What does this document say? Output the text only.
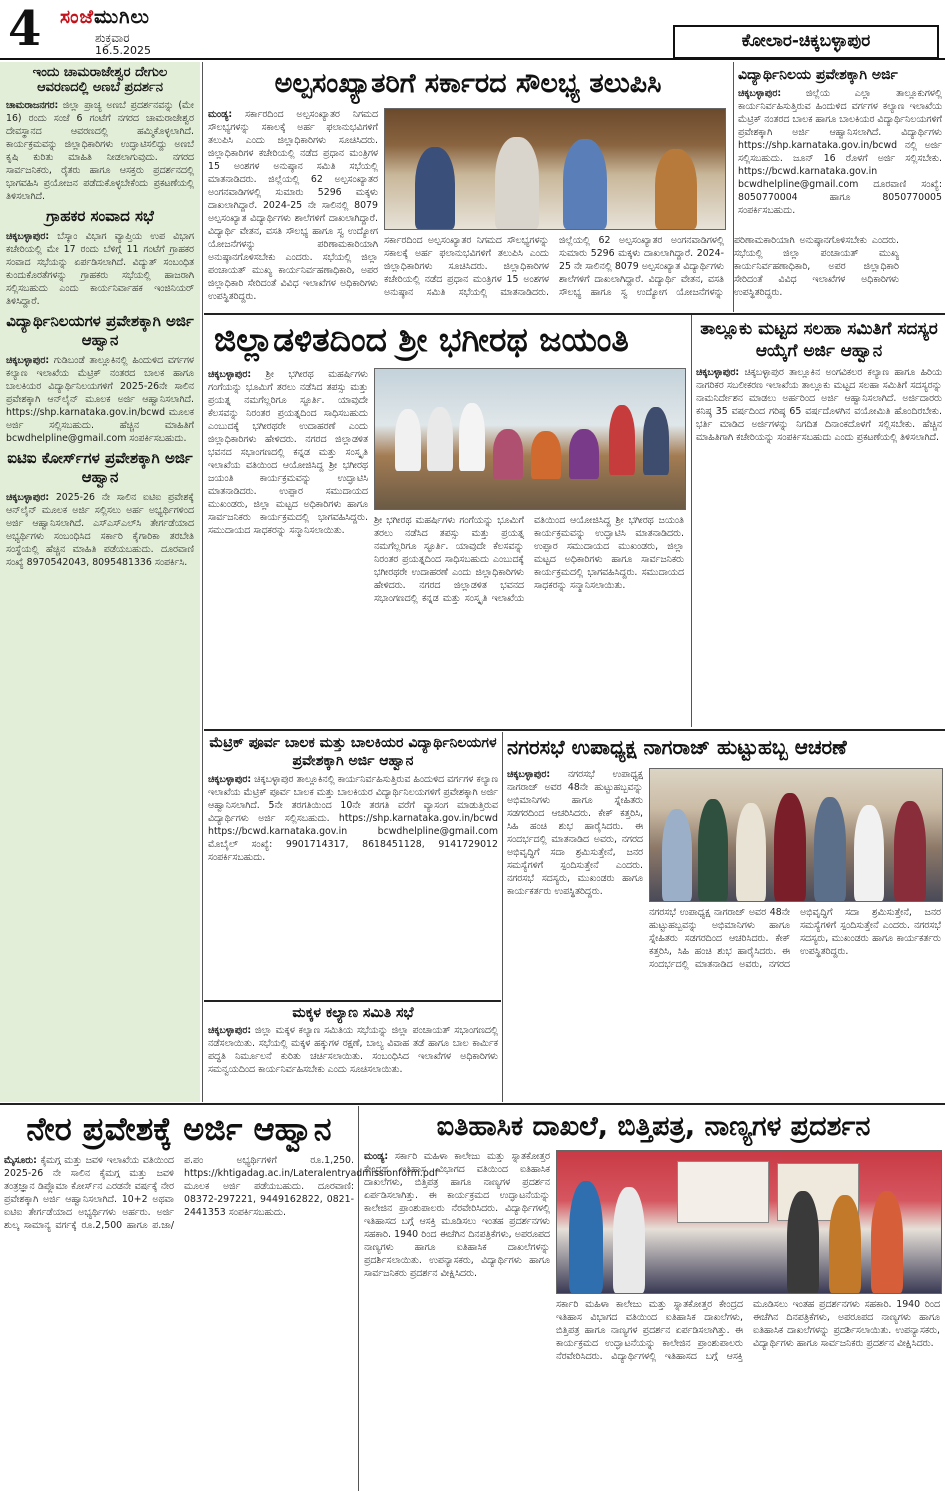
4 ಸಂಜೆಮುಗಿಲು
ಶುಕ್ರವಾರ
16.5.2025	ಕೋಲಾರ-ಚಿಕ್ಕಬಳ್ಳಾಪುರ
ಇಂದು ಚಾಮರಾಜೇಶ್ವರ ದೇಗುಲ ಆವರಣದಲ್ಲಿ ಅಣಬೆ ಪ್ರದರ್ಶನ
ಚಾಮರಾಜನಗರ: ಜಿಲ್ಲಾ ಪ್ರಾಚ್ಯ ಅಣಬೆ ಪ್ರದರ್ಶನವನ್ನು (ಮೇ 16) ರಂದು ಸಂಜೆ 6 ಗಂಟೆಗೆ ನಗರದ ಚಾಮರಾಜೇಶ್ವರ ದೇವಸ್ಥಾನದ ಆವರಣದಲ್ಲಿ ಹಮ್ಮಿಕೊಳ್ಳಲಾಗಿದೆ. ಕಾರ್ಯಕ್ರಮವನ್ನು ಜಿಲ್ಲಾಧಿಕಾರಿಗಳು ಉದ್ಘಾಟಿಸಲಿದ್ದು ಅಣಬೆ ಕೃಷಿ ಕುರಿತು ಮಾಹಿತಿ ನೀಡಲಾಗುವುದು. ನಗರದ ಸಾರ್ವಜನಿಕರು, ರೈತರು ಹಾಗೂ ಆಸಕ್ತರು ಪ್ರದರ್ಶನದಲ್ಲಿ ಭಾಗವಹಿಸಿ ಪ್ರಯೋಜನ ಪಡೆದುಕೊಳ್ಳಬೇಕೆಂದು ಪ್ರಕಟಣೆಯಲ್ಲಿ ತಿಳಿಸಲಾಗಿದೆ.
ಗ್ರಾಹಕರ ಸಂವಾದ ಸಭೆ
ಚಿಕ್ಕಬಳ್ಳಾಪುರ: ಬೆಸ್ಕಾಂ ವಿಭಾಗ ವ್ಯಾಪ್ತಿಯ ಉಪ ವಿಭಾಗ ಕಚೇರಿಯಲ್ಲಿ ಮೇ 17 ರಂದು ಬೆಳಿಗ್ಗೆ 11 ಗಂಟೆಗೆ ಗ್ರಾಹಕರ ಸಂವಾದ ಸಭೆಯನ್ನು ಏರ್ಪಡಿಸಲಾಗಿದೆ. ವಿದ್ಯುತ್ ಸಂಬಂಧಿತ ಕುಂದುಕೊರತೆಗಳನ್ನು ಗ್ರಾಹಕರು ಸಭೆಯಲ್ಲಿ ಹಾಜರಾಗಿ ಸಲ್ಲಿಸಬಹುದು ಎಂದು ಕಾರ್ಯನಿರ್ವಾಹಕ ಇಂಜಿನಿಯರ್ ತಿಳಿಸಿದ್ದಾರೆ.
ವಿದ್ಯಾರ್ಥಿನಿಲಯಗಳ ಪ್ರವೇಶಕ್ಕಾಗಿ ಅರ್ಜಿ ಆಹ್ವಾನ
ಚಿಕ್ಕಬಳ್ಳಾಪುರ: ಗುಡಿಬಂಡೆ ತಾಲ್ಲೂಕಿನಲ್ಲಿ ಹಿಂದುಳಿದ ವರ್ಗಗಳ ಕಲ್ಯಾಣ ಇಲಾಖೆಯ ಮೆಟ್ರಿಕ್ ನಂತರದ ಬಾಲಕ ಹಾಗೂ ಬಾಲಕಿಯರ ವಿದ್ಯಾರ್ಥಿನಿಲಯಗಳಿಗೆ 2025-26ನೇ ಸಾಲಿನ ಪ್ರವೇಶಕ್ಕಾಗಿ ಆನ್‌ಲೈನ್ ಮೂಲಕ ಅರ್ಜಿ ಆಹ್ವಾನಿಸಲಾಗಿದೆ. https://shp.karnataka.gov.in/bcwd ಮೂಲಕ ಅರ್ಜಿ ಸಲ್ಲಿಸಬಹುದು. ಹೆಚ್ಚಿನ ಮಾಹಿತಿಗೆ bcwdhelpline@gmail.com ಸಂಪರ್ಕಿಸಬಹುದು.
ಐಟಿಐ ಕೋರ್ಸ್‌ಗಳ ಪ್ರವೇಶಕ್ಕಾಗಿ ಅರ್ಜಿ ಆಹ್ವಾನ
ಚಿಕ್ಕಬಳ್ಳಾಪುರ: 2025-26 ನೇ ಸಾಲಿನ ಐಟಿಐ ಪ್ರವೇಶಕ್ಕೆ ಆನ್‌ಲೈನ್ ಮೂಲಕ ಅರ್ಜಿ ಸಲ್ಲಿಸಲು ಅರ್ಹ ಅಭ್ಯರ್ಥಿಗಳಿಂದ ಅರ್ಜಿ ಆಹ್ವಾನಿಸಲಾಗಿದೆ. ಎಸ್‌ಎಸ್‌ಎಲ್‌ಸಿ ತೇರ್ಗಡೆಯಾದ ಅಭ್ಯರ್ಥಿಗಳು ಸಂಬಂಧಿಸಿದ ಸರ್ಕಾರಿ ಕೈಗಾರಿಕಾ ತರಬೇತಿ ಸಂಸ್ಥೆಯಲ್ಲಿ ಹೆಚ್ಚಿನ ಮಾಹಿತಿ ಪಡೆಯಬಹುದು. ದೂರವಾಣಿ ಸಂಖ್ಯೆ 8970542043, 8095481336 ಸಂಪರ್ಕಿಸಿ.
ಅಲ್ಪಸಂಖ್ಯಾತರಿಗೆ ಸರ್ಕಾರದ ಸೌಲಭ್ಯ ತಲುಪಿಸಿ
ಮಂಡ್ಯ: ಸರ್ಕಾರದಿಂದ ಅಲ್ಪಸಂಖ್ಯಾತರ ನಿಗಮದ ಸೌಲಭ್ಯಗಳನ್ನು ಸಕಾಲಕ್ಕೆ ಅರ್ಹ ಫಲಾನುಭವಿಗಳಿಗೆ ತಲುಪಿಸಿ ಎಂದು ಜಿಲ್ಲಾಧಿಕಾರಿಗಳು ಸೂಚಿಸಿದರು. ಜಿಲ್ಲಾಧಿಕಾರಿಗಳ ಕಚೇರಿಯಲ್ಲಿ ನಡೆದ ಪ್ರಧಾನ ಮಂತ್ರಿಗಳ 15 ಅಂಶಗಳ ಅನುಷ್ಠಾನ ಸಮಿತಿ ಸಭೆಯಲ್ಲಿ ಮಾತನಾಡಿದರು. ಜಿಲ್ಲೆಯಲ್ಲಿ 62 ಅಲ್ಪಸಂಖ್ಯಾತರ ಅಂಗನವಾಡಿಗಳಲ್ಲಿ ಸುಮಾರು 5296 ಮಕ್ಕಳು ದಾಖಲಾಗಿದ್ದಾರೆ. 2024-25 ನೇ ಸಾಲಿನಲ್ಲಿ 8079 ಅಲ್ಪಸಂಖ್ಯಾತ ವಿದ್ಯಾರ್ಥಿಗಳು ಶಾಲೆಗಳಿಗೆ ದಾಖಲಾಗಿದ್ದಾರೆ. ವಿದ್ಯಾರ್ಥಿ ವೇತನ, ವಸತಿ ಸೌಲಭ್ಯ ಹಾಗೂ ಸ್ವ ಉದ್ಯೋಗ ಯೋಜನೆಗಳನ್ನು ಪರಿಣಾಮಕಾರಿಯಾಗಿ ಅನುಷ್ಠಾನಗೊಳಿಸಬೇಕು ಎಂದರು. ಸಭೆಯಲ್ಲಿ ಜಿಲ್ಲಾ ಪಂಚಾಯತ್ ಮುಖ್ಯ ಕಾರ್ಯನಿರ್ವಹಣಾಧಿಕಾರಿ, ಅಪರ ಜಿಲ್ಲಾಧಿಕಾರಿ ಸೇರಿದಂತೆ ವಿವಿಧ ಇಲಾಖೆಗಳ ಅಧಿಕಾರಿಗಳು ಉಪಸ್ಥಿತರಿದ್ದರು.
ಸರ್ಕಾರದಿಂದ ಅಲ್ಪಸಂಖ್ಯಾತರ ನಿಗಮದ ಸೌಲಭ್ಯಗಳನ್ನು ಸಕಾಲಕ್ಕೆ ಅರ್ಹ ಫಲಾನುಭವಿಗಳಿಗೆ ತಲುಪಿಸಿ ಎಂದು ಜಿಲ್ಲಾಧಿಕಾರಿಗಳು ಸೂಚಿಸಿದರು. ಜಿಲ್ಲಾಧಿಕಾರಿಗಳ ಕಚೇರಿಯಲ್ಲಿ ನಡೆದ ಪ್ರಧಾನ ಮಂತ್ರಿಗಳ 15 ಅಂಶಗಳ ಅನುಷ್ಠಾನ ಸಮಿತಿ ಸಭೆಯಲ್ಲಿ ಮಾತನಾಡಿದರು. ಜಿಲ್ಲೆಯಲ್ಲಿ 62 ಅಲ್ಪಸಂಖ್ಯಾತರ ಅಂಗನವಾಡಿಗಳಲ್ಲಿ ಸುಮಾರು 5296 ಮಕ್ಕಳು ದಾಖಲಾಗಿದ್ದಾರೆ. 2024-25 ನೇ ಸಾಲಿನಲ್ಲಿ 8079 ಅಲ್ಪಸಂಖ್ಯಾತ ವಿದ್ಯಾರ್ಥಿಗಳು ಶಾಲೆಗಳಿಗೆ ದಾಖಲಾಗಿದ್ದಾರೆ. ವಿದ್ಯಾರ್ಥಿ ವೇತನ, ವಸತಿ ಸೌಲಭ್ಯ ಹಾಗೂ ಸ್ವ ಉದ್ಯೋಗ ಯೋಜನೆಗಳನ್ನು ಪರಿಣಾಮಕಾರಿಯಾಗಿ ಅನುಷ್ಠಾನಗೊಳಿಸಬೇಕು ಎಂದರು. ಸಭೆಯಲ್ಲಿ ಜಿಲ್ಲಾ ಪಂಚಾಯತ್ ಮುಖ್ಯ ಕಾರ್ಯನಿರ್ವಹಣಾಧಿಕಾರಿ, ಅಪರ ಜಿಲ್ಲಾಧಿಕಾರಿ ಸೇರಿದಂತೆ ವಿವಿಧ ಇಲಾಖೆಗಳ ಅಧಿಕಾರಿಗಳು ಉಪಸ್ಥಿತರಿದ್ದರು.
ವಿದ್ಯಾರ್ಥಿನಿಲಯ ಪ್ರವೇಶಕ್ಕಾಗಿ ಅರ್ಜಿ
ಚಿಕ್ಕಬಳ್ಳಾಪುರ:	ಜಿಲ್ಲೆಯ ಎಲ್ಲಾ ತಾಲ್ಲೂಕುಗಳಲ್ಲಿ ಕಾರ್ಯನಿರ್ವಹಿಸುತ್ತಿರುವ ಹಿಂದುಳಿದ ವರ್ಗಗಳ ಕಲ್ಯಾಣ ಇಲಾಖೆಯ ಮೆಟ್ರಿಕ್ ನಂತರದ ಬಾಲಕ ಹಾಗೂ ಬಾಲಕಿಯರ ವಿದ್ಯಾರ್ಥಿನಿಲಯಗಳಿಗೆ ಪ್ರವೇಶಕ್ಕಾಗಿ ಅರ್ಜಿ ಆಹ್ವಾನಿಸಲಾಗಿದೆ. ವಿದ್ಯಾರ್ಥಿಗಳು https://shp.karnataka.gov.in/bcwd ನಲ್ಲಿ ಅರ್ಜಿ ಸಲ್ಲಿಸಬಹುದು. ಜೂನ್ 16 ರೊಳಗೆ ಅರ್ಜಿ ಸಲ್ಲಿಸಬೇಕು. https://bcwd.karnataka.gov.in bcwdhelpline@gmail.com ದೂರವಾಣಿ ಸಂಖ್ಯೆ: 8050770004 ಹಾಗೂ 8050770005 ಸಂಪರ್ಕಿಸಬಹುದು.
ಜಿಲ್ಲಾಡಳಿತದಿಂದ ಶ್ರೀ ಭಗೀರಥ ಜಯಂತಿ
ಚಿಕ್ಕಬಳ್ಳಾಪುರ: ಶ್ರೀ ಭಗೀರಥ ಮಹರ್ಷಿಗಳು ಗಂಗೆಯನ್ನು ಭೂಮಿಗೆ ತರಲು ನಡೆಸಿದ ತಪಸ್ಸು ಮತ್ತು ಪ್ರಯತ್ನ ನಮಗೆಲ್ಲರಿಗೂ ಸ್ಫೂರ್ತಿ. ಯಾವುದೇ ಕೆಲಸವನ್ನು ನಿರಂತರ ಪ್ರಯತ್ನದಿಂದ ಸಾಧಿಸಬಹುದು ಎಂಬುದಕ್ಕೆ ಭಗೀರಥರೇ ಉದಾಹರಣೆ ಎಂದು ಜಿಲ್ಲಾಧಿಕಾರಿಗಳು ಹೇಳಿದರು. ನಗರದ ಜಿಲ್ಲಾಡಳಿತ ಭವನದ ಸಭಾಂಗಣದಲ್ಲಿ ಕನ್ನಡ ಮತ್ತು ಸಂಸ್ಕೃತಿ ಇಲಾಖೆಯ ವತಿಯಿಂದ ಆಯೋಜಿಸಿದ್ದ ಶ್ರೀ ಭಗೀರಥ ಜಯಂತಿ ಕಾರ್ಯಕ್ರಮವನ್ನು ಉದ್ಘಾಟಿಸಿ ಮಾತನಾಡಿದರು. ಉಪ್ಪಾರ ಸಮುದಾಯದ ಮುಖಂಡರು, ಜಿಲ್ಲಾ ಮಟ್ಟದ ಅಧಿಕಾರಿಗಳು ಹಾಗೂ ಸಾರ್ವಜನಿಕರು ಕಾರ್ಯಕ್ರಮದಲ್ಲಿ ಭಾಗವಹಿಸಿದ್ದರು. ಸಮುದಾಯದ ಸಾಧಕರನ್ನು ಸನ್ಮಾನಿಸಲಾಯಿತು.
ಶ್ರೀ ಭಗೀರಥ ಮಹರ್ಷಿಗಳು ಗಂಗೆಯನ್ನು ಭೂಮಿಗೆ ತರಲು ನಡೆಸಿದ ತಪಸ್ಸು ಮತ್ತು ಪ್ರಯತ್ನ ನಮಗೆಲ್ಲರಿಗೂ ಸ್ಫೂರ್ತಿ. ಯಾವುದೇ ಕೆಲಸವನ್ನು ನಿರಂತರ ಪ್ರಯತ್ನದಿಂದ ಸಾಧಿಸಬಹುದು ಎಂಬುದಕ್ಕೆ ಭಗೀರಥರೇ ಉದಾಹರಣೆ ಎಂದು ಜಿಲ್ಲಾಧಿಕಾರಿಗಳು ಹೇಳಿದರು. ನಗರದ ಜಿಲ್ಲಾಡಳಿತ ಭವನದ ಸಭಾಂಗಣದಲ್ಲಿ ಕನ್ನಡ ಮತ್ತು ಸಂಸ್ಕೃತಿ ಇಲಾಖೆಯ ವತಿಯಿಂದ ಆಯೋಜಿಸಿದ್ದ ಶ್ರೀ ಭಗೀರಥ ಜಯಂತಿ ಕಾರ್ಯಕ್ರಮವನ್ನು ಉದ್ಘಾಟಿಸಿ ಮಾತನಾಡಿದರು. ಉಪ್ಪಾರ ಸಮುದಾಯದ ಮುಖಂಡರು, ಜಿಲ್ಲಾ ಮಟ್ಟದ ಅಧಿಕಾರಿಗಳು ಹಾಗೂ ಸಾರ್ವಜನಿಕರು ಕಾರ್ಯಕ್ರಮದಲ್ಲಿ ಭಾಗವಹಿಸಿದ್ದರು. ಸಮುದಾಯದ ಸಾಧಕರನ್ನು ಸನ್ಮಾನಿಸಲಾಯಿತು.
ತಾಲ್ಲೂಕು ಮಟ್ಟದ ಸಲಹಾ ಸಮಿತಿಗೆ ಸದಸ್ಯರ ಆಯ್ಕೆಗೆ ಅರ್ಜಿ ಆಹ್ವಾನ
ಚಿಕ್ಕಬಳ್ಳಾಪುರ: ಚಿಕ್ಕಬಳ್ಳಾಪುರ ತಾಲ್ಲೂಕಿನ ಅಂಗವಿಕಲರ ಕಲ್ಯಾಣ ಹಾಗೂ ಹಿರಿಯ ನಾಗರಿಕರ ಸಬಲೀಕರಣ ಇಲಾಖೆಯ ತಾಲ್ಲೂಕು ಮಟ್ಟದ ಸಲಹಾ ಸಮಿತಿಗೆ ಸದಸ್ಯರನ್ನು ನಾಮನಿರ್ದೇಶನ ಮಾಡಲು ಅರ್ಹರಿಂದ ಅರ್ಜಿ ಆಹ್ವಾನಿಸಲಾಗಿದೆ. ಅರ್ಜಿದಾರರು ಕನಿಷ್ಠ 35 ವರ್ಷದಿಂದ ಗರಿಷ್ಠ 65 ವರ್ಷದೊಳಗಿನ ವಯೋಮಿತಿ ಹೊಂದಿರಬೇಕು. ಭರ್ತಿ ಮಾಡಿದ ಅರ್ಜಿಗಳನ್ನು ನಿಗದಿತ ದಿನಾಂಕದೊಳಗೆ ಸಲ್ಲಿಸಬೇಕು. ಹೆಚ್ಚಿನ ಮಾಹಿತಿಗಾಗಿ ಕಚೇರಿಯನ್ನು ಸಂಪರ್ಕಿಸಬಹುದು ಎಂದು ಪ್ರಕಟಣೆಯಲ್ಲಿ ತಿಳಿಸಲಾಗಿದೆ.
ಮೆಟ್ರಿಕ್ ಪೂರ್ವ ಬಾಲಕ ಮತ್ತು ಬಾಲಕಿಯರ ವಿದ್ಯಾರ್ಥಿನಿಲಯಗಳ ಪ್ರವೇಶಕ್ಕಾಗಿ ಅರ್ಜಿ ಆಹ್ವಾನ
ಚಿಕ್ಕಬಳ್ಳಾಪುರ: ಚಿಕ್ಕಬಳ್ಳಾಪುರ ತಾಲ್ಲೂಕಿನಲ್ಲಿ ಕಾರ್ಯನಿರ್ವಹಿಸುತ್ತಿರುವ ಹಿಂದುಳಿದ ವರ್ಗಗಳ ಕಲ್ಯಾಣ ಇಲಾಖೆಯ ಮೆಟ್ರಿಕ್ ಪೂರ್ವ ಬಾಲಕ ಮತ್ತು ಬಾಲಕಿಯರ ವಿದ್ಯಾರ್ಥಿನಿಲಯಗಳಿಗೆ ಪ್ರವೇಶಕ್ಕಾಗಿ ಅರ್ಜಿ ಆಹ್ವಾನಿಸಲಾಗಿದೆ. 5ನೇ ತರಗತಿಯಿಂದ 10ನೇ ತರಗತಿ ವರೆಗೆ ವ್ಯಾಸಂಗ ಮಾಡುತ್ತಿರುವ ವಿದ್ಯಾರ್ಥಿಗಳು ಅರ್ಜಿ ಸಲ್ಲಿಸಬಹುದು. https://shp.karnataka.gov.in/bcwd https://bcwd.karnataka.gov.in bcwdhelpline@gmail.com ಮೊಬೈಲ್ ಸಂಖ್ಯೆ: 9901714317, 8618451128, 9141729012 ಸಂಪರ್ಕಿಸಬಹುದು.
ಮಕ್ಕಳ ಕಲ್ಯಾಣ ಸಮಿತಿ ಸಭೆ
ಚಿಕ್ಕಬಳ್ಳಾಪುರ: ಜಿಲ್ಲಾ ಮಕ್ಕಳ ಕಲ್ಯಾಣ ಸಮಿತಿಯ ಸಭೆಯನ್ನು ಜಿಲ್ಲಾ ಪಂಚಾಯತ್ ಸಭಾಂಗಣದಲ್ಲಿ ನಡೆಸಲಾಯಿತು. ಸಭೆಯಲ್ಲಿ ಮಕ್ಕಳ ಹಕ್ಕುಗಳ ರಕ್ಷಣೆ, ಬಾಲ್ಯ ವಿವಾಹ ತಡೆ ಹಾಗೂ ಬಾಲ ಕಾರ್ಮಿಕ ಪದ್ಧತಿ ನಿರ್ಮೂಲನೆ ಕುರಿತು ಚರ್ಚಿಸಲಾಯಿತು. ಸಂಬಂಧಿಸಿದ ಇಲಾಖೆಗಳ ಅಧಿಕಾರಿಗಳು ಸಮನ್ವಯದಿಂದ ಕಾರ್ಯನಿರ್ವಹಿಸಬೇಕು ಎಂದು ಸೂಚಿಸಲಾಯಿತು.
ನಗರಸಭೆ ಉಪಾಧ್ಯಕ್ಷ ನಾಗರಾಜ್ ಹುಟ್ಟುಹಬ್ಬ ಆಚರಣೆ
ಚಿಕ್ಕಬಳ್ಳಾಪುರ: ನಗರಸಭೆ ಉಪಾಧ್ಯಕ್ಷ ನಾಗರಾಜ್ ಅವರ 48ನೇ ಹುಟ್ಟುಹಬ್ಬವನ್ನು ಅಭಿಮಾನಿಗಳು ಹಾಗೂ ಸ್ನೇಹಿತರು ಸಡಗರದಿಂದ ಆಚರಿಸಿದರು. ಕೇಕ್ ಕತ್ತರಿಸಿ, ಸಿಹಿ ಹಂಚಿ ಶುಭ ಹಾರೈಸಿದರು. ಈ ಸಂದರ್ಭದಲ್ಲಿ ಮಾತನಾಡಿದ ಅವರು, ನಗರದ ಅಭಿವೃದ್ಧಿಗೆ ಸದಾ ಶ್ರಮಿಸುತ್ತೇನೆ, ಜನರ ಸಮಸ್ಯೆಗಳಿಗೆ ಸ್ಪಂದಿಸುತ್ತೇನೆ ಎಂದರು. ನಗರಸಭೆ ಸದಸ್ಯರು, ಮುಖಂಡರು ಹಾಗೂ ಕಾರ್ಯಕರ್ತರು ಉಪಸ್ಥಿತರಿದ್ದರು.
ನಗರಸಭೆ ಉಪಾಧ್ಯಕ್ಷ ನಾಗರಾಜ್ ಅವರ 48ನೇ ಹುಟ್ಟುಹಬ್ಬವನ್ನು ಅಭಿಮಾನಿಗಳು ಹಾಗೂ ಸ್ನೇಹಿತರು ಸಡಗರದಿಂದ ಆಚರಿಸಿದರು. ಕೇಕ್ ಕತ್ತರಿಸಿ, ಸಿಹಿ ಹಂಚಿ ಶುಭ ಹಾರೈಸಿದರು. ಈ ಸಂದರ್ಭದಲ್ಲಿ ಮಾತನಾಡಿದ ಅವರು, ನಗರದ ಅಭಿವೃದ್ಧಿಗೆ ಸದಾ ಶ್ರಮಿಸುತ್ತೇನೆ, ಜನರ ಸಮಸ್ಯೆಗಳಿಗೆ ಸ್ಪಂದಿಸುತ್ತೇನೆ ಎಂದರು. ನಗರಸಭೆ ಸದಸ್ಯರು, ಮುಖಂಡರು ಹಾಗೂ ಕಾರ್ಯಕರ್ತರು ಉಪಸ್ಥಿತರಿದ್ದರು.
ನೇರ ಪ್ರವೇಶಕ್ಕೆ ಅರ್ಜಿ ಆಹ್ವಾನ
ಮೈಸೂರು: ಕೈಮಗ್ಗ ಮತ್ತು ಜವಳಿ ಇಲಾಖೆಯ ವತಿಯಿಂದ 2025-26 ನೇ ಸಾಲಿನ ಕೈಮಗ್ಗ ಮತ್ತು ಜವಳಿ ತಂತ್ರಜ್ಞಾನ ಡಿಪ್ಲೊಮಾ ಕೋರ್ಸ್‌ನ ಎರಡನೇ ವರ್ಷಕ್ಕೆ ನೇರ ಪ್ರವೇಶಕ್ಕಾಗಿ ಅರ್ಜಿ ಆಹ್ವಾನಿಸಲಾಗಿದೆ. 10+2 ಅಥವಾ ಐಟಿಐ ತೇರ್ಗಡೆಯಾದ ಅಭ್ಯರ್ಥಿಗಳು ಅರ್ಹರು. ಅರ್ಜಿ ಶುಲ್ಕ ಸಾಮಾನ್ಯ ವರ್ಗಕ್ಕೆ ರೂ.2,500 ಹಾಗೂ ಪ.ಜಾ/ಪ.ಪಂ ಅಭ್ಯರ್ಥಿಗಳಿಗೆ ರೂ.1,250. https://khtigadag.ac.in/Lateralentryadmissionform.pdf ಮೂಲಕ ಅರ್ಜಿ ಪಡೆಯಬಹುದು. ದೂರವಾಣಿ: 08372-297221, 9449162822, 0821-2441353 ಸಂಪರ್ಕಿಸಬಹುದು.
ಐತಿಹಾಸಿಕ ದಾಖಲೆ, ಬಿತ್ತಿಪತ್ರ, ನಾಣ್ಯಗಳ ಪ್ರದರ್ಶನ
ಮಂಡ್ಯ: ಸರ್ಕಾರಿ ಮಹಿಳಾ ಕಾಲೇಜು ಮತ್ತು ಸ್ನಾತಕೋತ್ತರ ಕೇಂದ್ರದ ಇತಿಹಾಸ ವಿಭಾಗದ ವತಿಯಿಂದ ಐತಿಹಾಸಿಕ ದಾಖಲೆಗಳು, ಬಿತ್ತಿಪತ್ರ ಹಾಗೂ ನಾಣ್ಯಗಳ ಪ್ರದರ್ಶನ ಏರ್ಪಡಿಸಲಾಗಿತ್ತು. ಈ ಕಾರ್ಯಕ್ರಮದ ಉದ್ಘಾಟನೆಯನ್ನು ಕಾಲೇಜಿನ ಪ್ರಾಂಶುಪಾಲರು ನೆರವೇರಿಸಿದರು. ವಿದ್ಯಾರ್ಥಿಗಳಲ್ಲಿ ಇತಿಹಾಸದ ಬಗ್ಗೆ ಆಸಕ್ತಿ ಮೂಡಿಸಲು ಇಂತಹ ಪ್ರದರ್ಶನಗಳು ಸಹಕಾರಿ. 1940 ರಿಂದ ಈಚೆಗಿನ ದಿನಪತ್ರಿಕೆಗಳು, ಅಪರೂಪದ ನಾಣ್ಯಗಳು ಹಾಗೂ ಐತಿಹಾಸಿಕ ದಾಖಲೆಗಳನ್ನು ಪ್ರದರ್ಶಿಸಲಾಯಿತು. ಉಪನ್ಯಾಸಕರು, ವಿದ್ಯಾರ್ಥಿಗಳು ಹಾಗೂ ಸಾರ್ವಜನಿಕರು ಪ್ರದರ್ಶನ ವೀಕ್ಷಿಸಿದರು.
ಸರ್ಕಾರಿ ಮಹಿಳಾ ಕಾಲೇಜು ಮತ್ತು ಸ್ನಾತಕೋತ್ತರ ಕೇಂದ್ರದ ಇತಿಹಾಸ ವಿಭಾಗದ ವತಿಯಿಂದ ಐತಿಹಾಸಿಕ ದಾಖಲೆಗಳು, ಬಿತ್ತಿಪತ್ರ ಹಾಗೂ ನಾಣ್ಯಗಳ ಪ್ರದರ್ಶನ ಏರ್ಪಡಿಸಲಾಗಿತ್ತು. ಈ ಕಾರ್ಯಕ್ರಮದ ಉದ್ಘಾಟನೆಯನ್ನು ಕಾಲೇಜಿನ ಪ್ರಾಂಶುಪಾಲರು ನೆರವೇರಿಸಿದರು. ವಿದ್ಯಾರ್ಥಿಗಳಲ್ಲಿ ಇತಿಹಾಸದ ಬಗ್ಗೆ ಆಸಕ್ತಿ ಮೂಡಿಸಲು ಇಂತಹ ಪ್ರದರ್ಶನಗಳು ಸಹಕಾರಿ. 1940 ರಿಂದ ಈಚೆಗಿನ ದಿನಪತ್ರಿಕೆಗಳು, ಅಪರೂಪದ ನಾಣ್ಯಗಳು ಹಾಗೂ ಐತಿಹಾಸಿಕ ದಾಖಲೆಗಳನ್ನು ಪ್ರದರ್ಶಿಸಲಾಯಿತು. ಉಪನ್ಯಾಸಕರು, ವಿದ್ಯಾರ್ಥಿಗಳು ಹಾಗೂ ಸಾರ್ವಜನಿಕರು ಪ್ರದರ್ಶನ ವೀಕ್ಷಿಸಿದರು.
